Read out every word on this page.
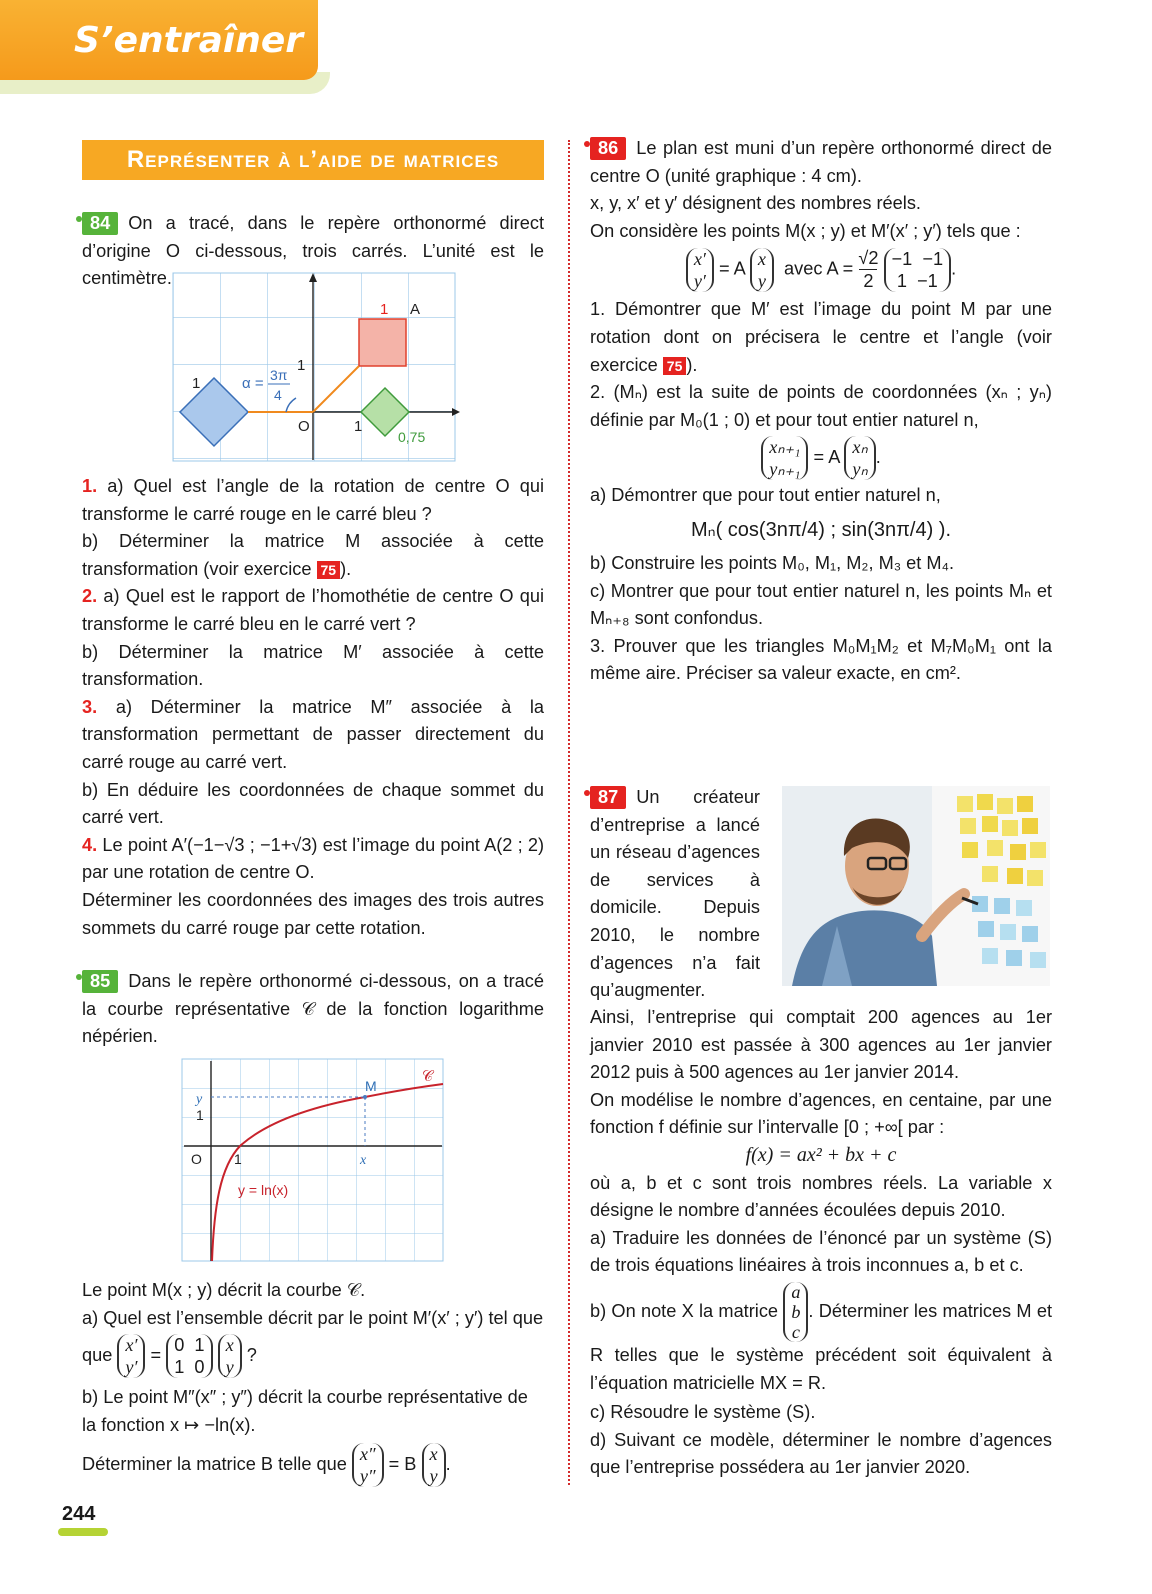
S’entraîner
Représenter à l’aide de matrices
84 On a tracé, dans le repère orthonormé direct d’origine O ci-dessous, trois carrés. L’unité est le centimètre.
1 A
1	α = 3π
4
1
O	1
0,75
1. a) Quel est l’angle de la rotation de centre O qui transforme le carré rouge en le carré bleu ?
b) Déterminer la matrice M associée à cette transformation (voir exercice 75 ).
2. a) Quel est le rapport de l’homothétie de centre O qui transforme le carré bleu en le carré vert ?
b) Déterminer la matrice M′ associée à cette transformation.
3. a) Déterminer la matrice M″ associée à la transformation permettant de passer directement du carré rouge au carré vert.
b) En déduire les coordonnées de chaque sommet du carré vert.
4. Le point A′(−1−√3 ; −1+√3) est l’image du point A(2 ; 2) par une rotation de centre O.
Déterminer les coordonnées des images des trois autres sommets du carré rouge par cette rotation.
85 Dans le repère orthonormé ci-dessous, on a tracé la courbe représentative 𝒞 de la fonction logarithme népérien.
𝒞
M
y
1
O 1	x
y = ln(x)
Le point M(x ; y) décrit la courbe 𝒞.
a) Quel est l’ensemble décrit par le point M′(x′ ; y′) tel que
que x′
y′ = 0  1
1  0 x
y ?
b) Le point M″(x″ ; y″) décrit la courbe représentative de la fonction x ↦ −ln(x).
Déterminer la matrice B telle que x″
y″ = B x
y.
86 Le plan est muni d’un repère orthonormé direct de centre O (unité graphique : 4 cm).
x, y, x′ et y′ désignent des nombres réels.
On considère les points M(x ; y) et M′(x′ ; y′) tels que :
x′
y′ = A x
y  avec $A = \frac{√2}{2} -1 -1$
1  −1.
1. Démontrer que M′ est l’image du point M par une rotation dont on précisera le centre et l’angle (voir exercice 75 ).
2. (Mₙ) est la suite de points de coordonnées (xₙ ; yₙ) définie par M₀(1 ; 0) et pour tout entier naturel n,
xₙ₊₁
yₙ₊₁ = A xₙ
yₙ.
a) Démontrer que pour tout entier naturel n,
Mₙ( cos(3nπ/4) ; sin(3nπ/4) ).
b) Construire les points M₀, M₁, M₂, M₃ et M₄.
c) Montrer que pour tout entier naturel n, les points Mₙ et Mₙ₊₈ sont confondus.
3. Prouver que les triangles M₀M₁M₂ et M₇M₀M₁ ont la même aire. Préciser sa valeur exacte, en cm².
87 Un créateur d’entreprise a lancé un réseau d’agences de services à domicile. Depuis 2010, le nombre d’agences n’a fait qu’augmenter.
Ainsi, l’entreprise qui comptait 200 agences au 1er janvier 2010 est passée à 300 agences au 1er janvier 2012 puis à 500 agences au 1er janvier 2014.
On modélise le nombre d’agences, en centaine, par une fonction f définie sur l’intervalle [0 ; +∞[ par :
f(x) = ax² + bx + c
où a, b et c sont trois nombres réels. La variable x désigne le nombre d’années écoulées depuis 2010.
a) Traduire les données de l’énoncé par un système (S) de trois équations linéaires à trois inconnues a, b et c.
b) On note X la matrice a
b
c. Déterminer les matrices M et R telles que le système précédent soit équivalent à l’équation matricielle MX = R.
c) Résoudre le système (S).
d) Suivant ce modèle, déterminer le nombre d’agences que l’entreprise possédera au 1er janvier 2020.
244
